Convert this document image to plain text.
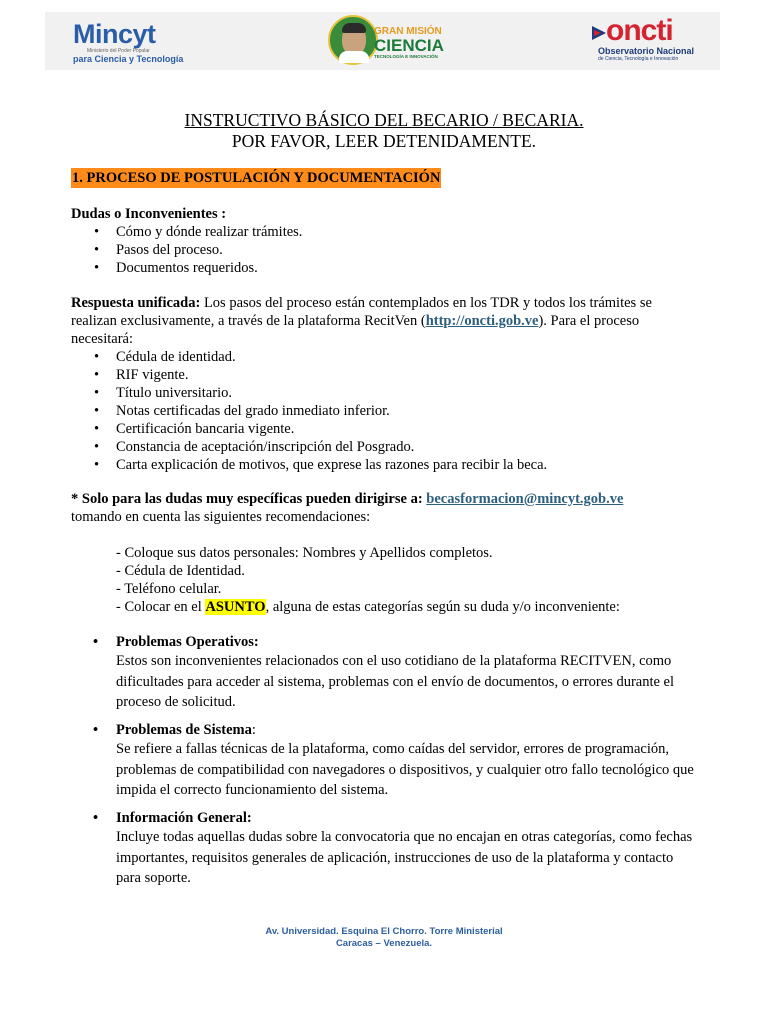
Mincyt
Ministerio del Poder Popular
para Ciencia y Tecnología
GRAN MISIÓN
CIENCIA
TECNOLOGÍA E INNOVACIÓN
oncti
Observatorio Nacional
de Ciencia, Tecnología e Innovación
INSTRUCTIVO BÁSICO DEL BECARIO / BECARIA.
POR FAVOR, LEER DETENIDAMENTE.
1. PROCESO DE POSTULACIÓN Y DOCUMENTACIÓN
Dudas o Inconvenientes :
• Cómo y dónde realizar trámites.
• Pasos del proceso.
• Documentos requeridos.
Respuesta unificada: Los pasos del proceso están contemplados en los TDR y todos los trámites se realizan exclusivamente, a través de la plataforma RecitVen (http://oncti.gob.ve). Para el proceso necesitará:
• Cédula de identidad.
• RIF vigente.
• Título universitario.
• Notas certificadas del grado inmediato inferior.
• Certificación bancaria vigente.
• Constancia de aceptación/inscripción del Posgrado.
• Carta explicación de motivos, que exprese las razones para recibir la beca.
* Solo para las dudas muy específicas pueden dirigirse a: becasformacion@mincyt.gob.ve
tomando en cuenta las siguientes recomendaciones:
- Coloque sus datos personales: Nombres y Apellidos completos.
- Cédula de Identidad.
- Teléfono celular.
- Colocar en el ASUNTO, alguna de estas categorías según su duda y/o inconveniente:
• Problemas Operativos:
Estos son inconvenientes relacionados con el uso cotidiano de la plataforma RECITVEN, como dificultades para acceder al sistema, problemas con el envío de documentos, o errores durante el proceso de solicitud.
• Problemas de Sistema:
Se refiere a fallas técnicas de la plataforma, como caídas del servidor, errores de programación, problemas de compatibilidad con navegadores o dispositivos, y cualquier otro fallo tecnológico que impida el correcto funcionamiento del sistema.
• Información General:
Incluye todas aquellas dudas sobre la convocatoria que no encajan en otras categorías, como fechas importantes, requisitos generales de aplicación, instrucciones de uso de la plataforma y contacto para soporte.
Av. Universidad. Esquina El Chorro. Torre Ministerial
Caracas – Venezuela.
